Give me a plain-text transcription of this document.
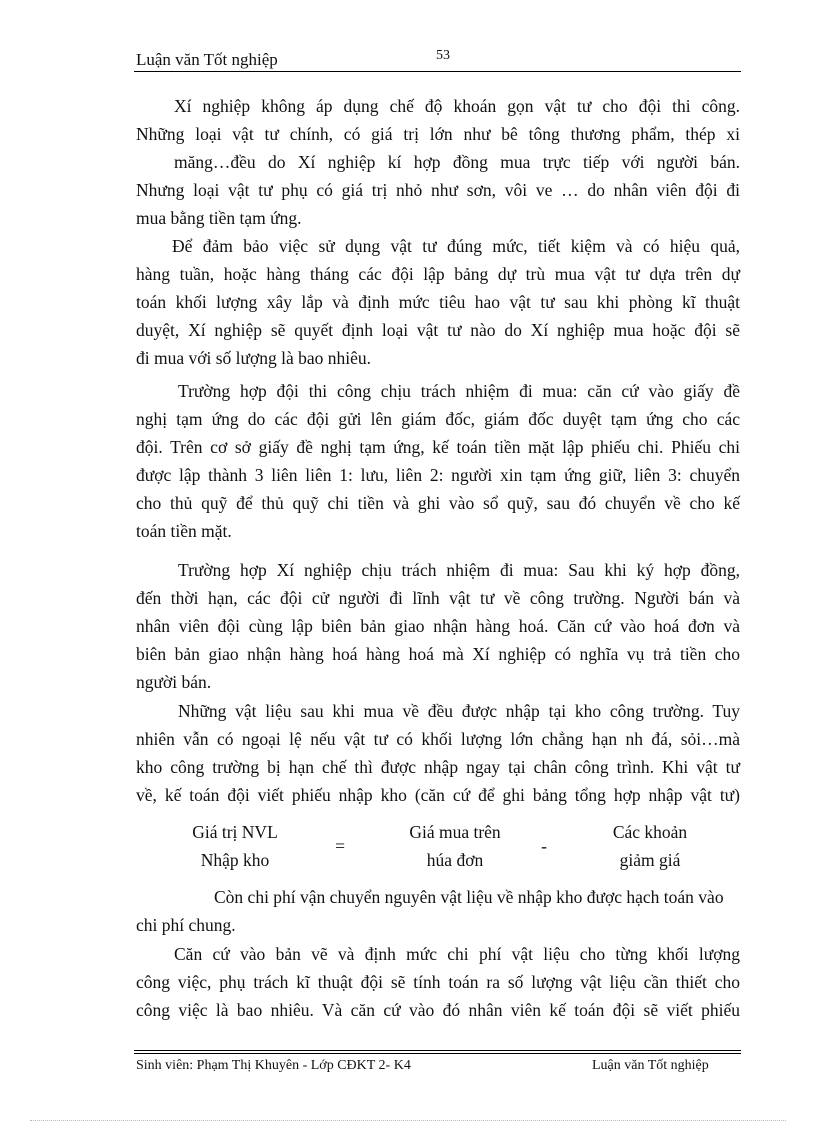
Luận văn Tốt nghiệp	53
Xí nghiệp không áp dụng chế độ khoán gọn vật tư cho đội thi công.
Những loại vật tư chính, có giá trị lớn như bê tông thương phẩm, thép xi
măng…đều do Xí nghiệp kí hợp đồng mua trực tiếp với người bán.
Nhưng loại vật tư phụ có giá trị nhỏ như sơn, vôi ve … do nhân viên đội đi
mua bằng tiền tạm ứng.
Để đảm bảo việc sử dụng vật tư đúng mức, tiết kiệm và có hiệu quả,
hàng tuần, hoặc hàng tháng các đội lập bảng dự trù mua vật tư dựa trên dự
toán khối lượng xây lắp và định mức tiêu hao vật tư sau khi phòng kĩ thuật
duyệt, Xí nghiệp sẽ quyết định loại vật tư nào do Xí nghiệp mua hoặc đội sẽ
đi mua với số lượng là bao nhiêu.
Trường hợp đội thi công chịu trách nhiệm đi mua: căn cứ vào giấy đề
nghị tạm ứng do các đội gửi lên giám đốc, giám đốc duyệt tạm ứng cho các
đội. Trên cơ sở giấy đề nghị tạm ứng, kế toán tiền mặt lập phiếu chi. Phiếu chi
được lập thành 3 liên liên 1: lưu, liên 2: người xin tạm ứng giữ, liên 3: chuyển
cho thủ quỹ để thủ quỹ chi tiền và ghi vào sổ quỹ, sau đó chuyển về cho kế
toán tiền mặt.
Trường hợp Xí nghiệp chịu trách nhiệm đi mua: Sau khi ký hợp đồng,
đến thời hạn, các đội cử người đi lĩnh vật tư về công trường. Người bán và
nhân viên đội cùng lập biên bản giao nhận hàng hoá. Căn cứ vào hoá đơn và
biên bản giao nhận hàng hoá hàng hoá mà Xí nghiệp có nghĩa vụ trả tiền cho
người bán.
Những vật liệu sau khi mua về đều được nhập tại kho công trường. Tuy
nhiên vẫn có ngoại lệ nếu vật tư có khối lượng lớn chẳng hạn nh đá, sỏi…mà
kho công trường bị hạn chế thì được nhập ngay tại chân công trình. Khi vật tư
về, kế toán đội viết phiếu nhập kho (căn cứ để ghi bảng tổng hợp nhập vật tư)
Giá trị NVL
Nhập kho
=
Giá mua trên
húa đơn
-
Các khoản
giảm giá
Còn chi phí vận chuyển nguyên vật liệu về nhập kho được hạch toán vào
chi phí chung.
Căn cứ vào bản vẽ và định mức chi phí vật liệu cho từng khối lượng
công việc, phụ trách kĩ thuật đội sẽ tính toán ra số lượng vật liệu cần thiết cho
công việc là bao nhiêu. Và căn cứ vào đó nhân viên kế toán đội sẽ viết phiếu
Sinh viên: Phạm Thị Khuyên - Lớp CĐKT 2- K4	Luận văn Tốt nghiệp
